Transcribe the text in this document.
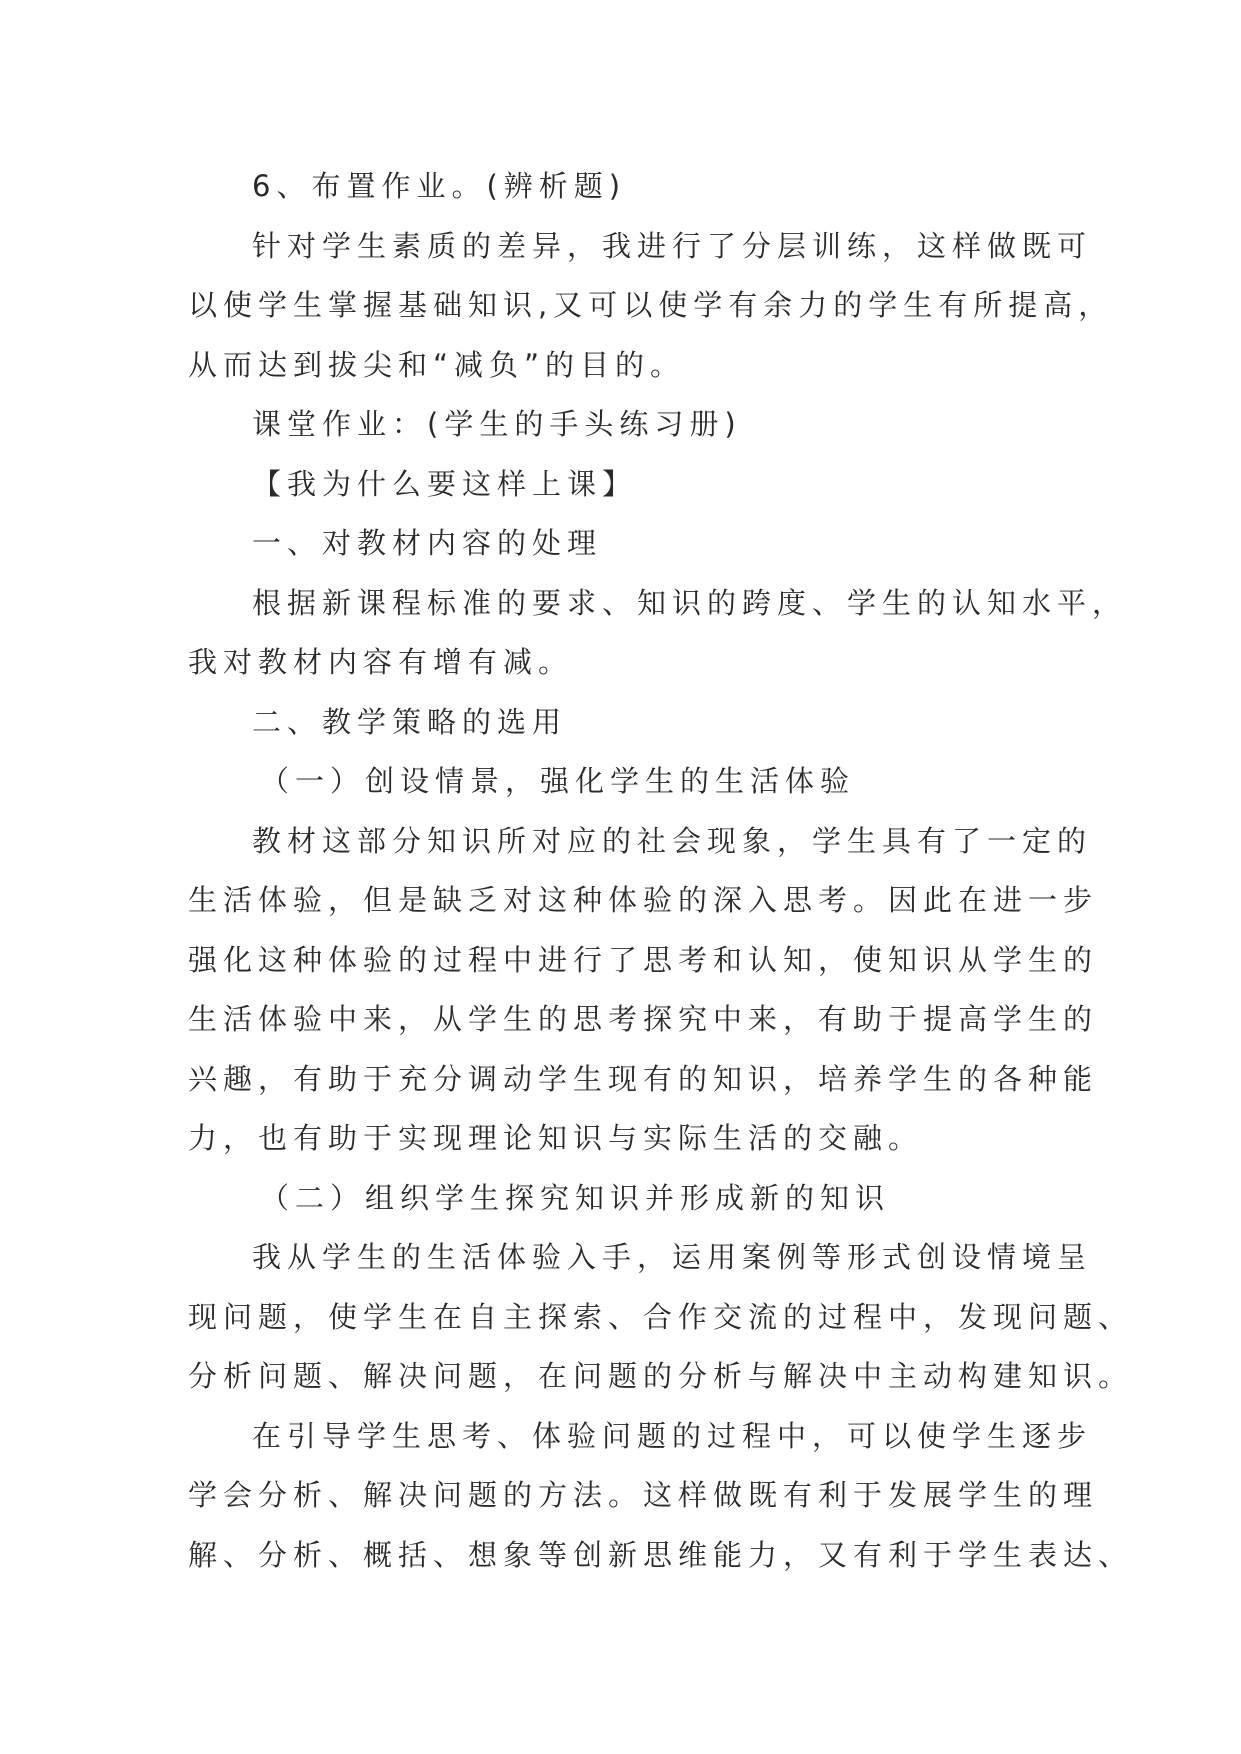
6、布置作业。(辨析题)
针对学生素质的差异，我进行了分层训练，这样做既可
以使学生掌握基础知识,又可以使学有余力的学生有所提高，
从而达到拔尖和“减负”的目的。
课堂作业：(学生的手头练习册)
【我为什么要这样上课】
一、对教材内容的处理
根据新课程标准的要求、知识的跨度、学生的认知水平，
我对教材内容有增有减。
二、教学策略的选用
（一）创设情景，强化学生的生活体验
教材这部分知识所对应的社会现象，学生具有了一定的
生活体验，但是缺乏对这种体验的深入思考。因此在进一步
强化这种体验的过程中进行了思考和认知，使知识从学生的
生活体验中来，从学生的思考探究中来，有助于提高学生的
兴趣，有助于充分调动学生现有的知识，培养学生的各种能
力，也有助于实现理论知识与实际生活的交融。
（二）组织学生探究知识并形成新的知识
我从学生的生活体验入手，运用案例等形式创设情境呈
现问题，使学生在自主探索、合作交流的过程中，发现问题、
分析问题、解决问题，在问题的分析与解决中主动构建知识。
在引导学生思考、体验问题的过程中，可以使学生逐步
学会分析、解决问题的方法。这样做既有利于发展学生的理
解、分析、概括、想象等创新思维能力，又有利于学生表达、
